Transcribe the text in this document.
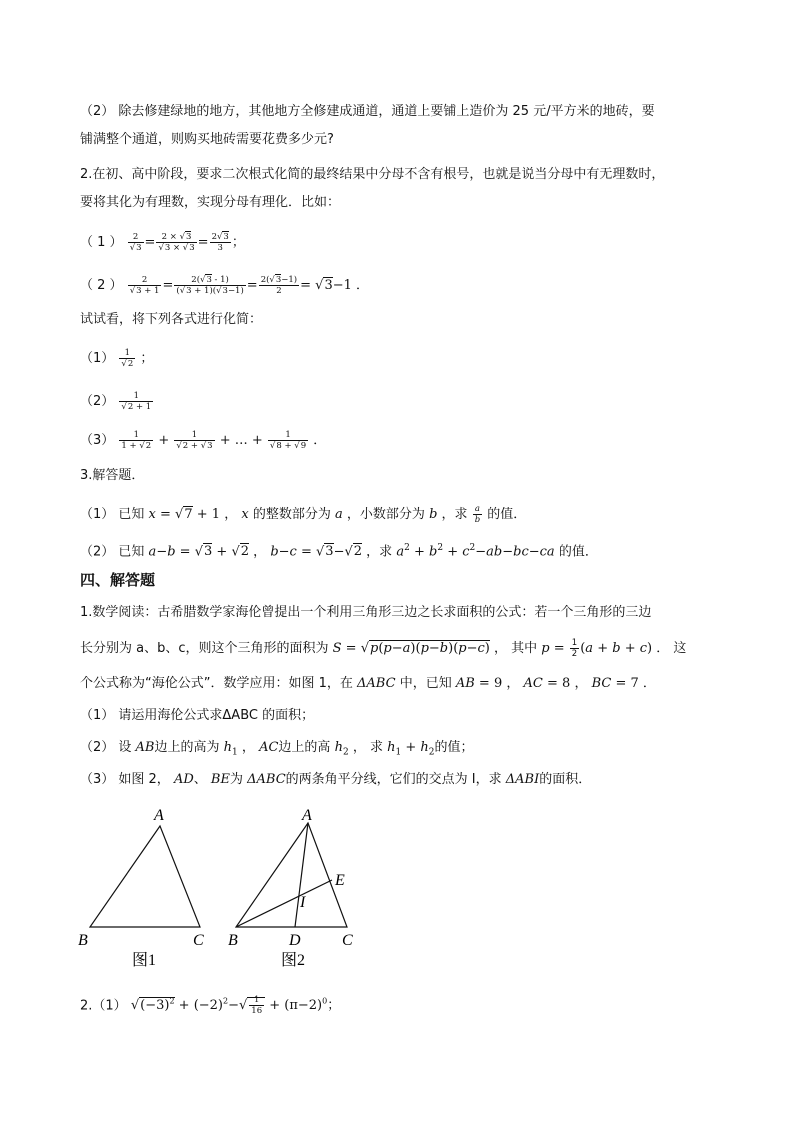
（2） 除去修建绿地的地方，其他地方全修建成通道，通道上要铺上造价为 25 元/平方米的地砖，要
铺满整个通道，则购买地砖需要花费多少元?
2.在初、高中阶段，要求二次根式化简的最终结果中分母不含有根号，也就是说当分母中有无理数时，
要将其化为有理数，实现分母有理化．比如：
（ 1 ） $\frac{2}{√3} = \frac{2 \times √3}{√3 \times √3} = \frac{2√3}{3}$ ；
（ 2 ） $\frac{2}{√3 + 1} = \frac{2(√3 - 1)}{(√3 + 1)(√3-1)} = \frac{2(√3-1)}{2} = √3-1$ ．
试试看，将下列各式进行化简：
$(1) \frac{1}{√2}$ ；
$(2) \frac{1}{√2 + 1}$
$(3) \frac{1}{1 + √2} + \frac{1}{√2 + √3}$ + … + $\frac{1}{√8 + √9}$ ．
3.解答题．
（1） 已知 x = √7 + 1 ， x 的整数部分为 a ，小数部分为 b ，求 $\frac{a}{b}$ 的值．
（2） 已知 a−b = √3 + √2 ， b−c = √3−√2 ，求 $a^2 + b^2 + c^2-ab-bc-ca$ 的值．
四、解答题
1.数学阅读：古希腊数学家海伦曾提出一个利用三角形三边之长求面积的公式：若一个三角形的三边
长分别为 a、b、c，则这个三角形的面积为 S = √p(p−a)(p−b)(p−c) ， 其中 $p = \frac{1}{2} (a + b + c)$ ． 这
个公式称为“海伦公式”．数学应用：如图 1，在 ΔABC 中，已知 AB = 9 ， AC = 8 ， BC = 7 ．
（1） 请运用海伦公式求ΔABC 的面积；
（2） 设 AB边上的高为 $h_1$ ， AC边上的高 $h_2$ ， 求 $h_1 + h_2$的值；
（3） 如图 2， AD、 BE为 ΔABC的两条角平分线，它们的交点为 I，求 ΔABI的面积．
A
B	C
图1
A
B	D	C
E
I
图2
2.（1） $√(-3)^2 + (-2)^2-√ \frac{1}{16} + (\pi-2)^0$；
